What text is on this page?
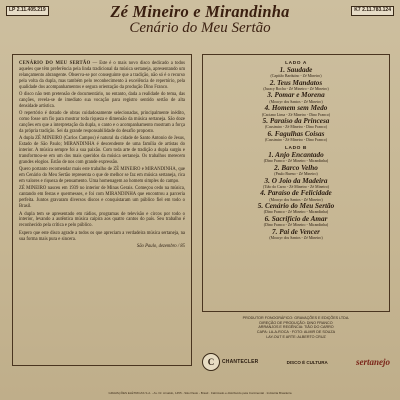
LP 2.11.405.219	K7 2.11.783.124
Zé Mineiro e Mirandinha
Cenário do Meu Sertão

CENÁRIO DO MEU SERTÃO — Este é o mais novo disco dedicado a todos aqueles que têm preferência pela linda tradicional da música sertaneja, apresentando um relançamento abrangente. Observa-se por conseguinte que a tradição, não só é o recurso pela volta da dupla, mas também pelo reconhecimento à excelência de repertório, pela qualidade dos acompanhamentos e segura orientação da produção Dino Franco.

O disco não tem pretensão de documentário, no entanto, dada a realidade do tema, das canções, revela-se de imediato sua vocação para registro sentido sertão de alta densidade artística.

O repertório é dotado de obras cuidadosamente selecionadas, principalmente inédito, como fosse um fio para mostrar toda riqueza e dimensão da música sertaneja. São doze canções em que a interpretação da dupla, o canto e o acompanhamento mostram a força da própria tradição. Sei da grande responsabilidade do desafio proposto.

A dupla ZÉ MINEIRO (Carlos Campos) é natural da cidade de Santo Antonio de Jesus, Estado de São Paulo; MIRANDINHA é descendente de uma família de artistas do interior. A música sempre foi a sua paixão. Com toda arte de tradição a dupla surgiu e transformou-se em um dos mais queridos da música sertaneja. Os trabalhos merecem grandes elogios. Estão de nos com grande expressão.

Quero portanto recomendar mais este trabalho de ZÉ MINEIRO e MIRANDINHA, que em Cenário do Meu Sertão representa o que de melhor se faz em música sertaneja, rica em valores e riqueza de pensamento. Uma homenagem ao homem simples do campo.

ZÉ MINEIRO nasceu em 1939 no interior de Minas Gerais. Começou cedo na música, cantando em festas e quermesses, e foi com MIRANDINHA que encontrou a parceria perfeita. Juntos gravaram diversos discos e conquistaram um público fiel em todo o Brasil.

A dupla tem se apresentado em rádios, programas de televisão e circos por todo o interior, levando a autêntica música caipira aos quatro cantos do país. Seu trabalho é reconhecido pela crítica e pelo público.

Espero que este disco agrade a todos os que apreciam a verdadeira música sertaneja, na sua forma mais pura e sincera.

São Paulo, dezembro / 85

LADO A
1. Saudade
(Capitão Barduíno - Zé Mineiro)
2. Teus Mandatos
(Juracy Rocha - Zé Mineiro - Zé Mineiro)
3. Pomar e Morena
(Moacyr dos Santos - Zé Mineiro)
4. Homem sem Medo
(Caciano Lima - Zé Mineiro - Dino Franco)
5. Paraíso da Princesa
(Cassimiro - Zé Mineiro - Dino Franco)
6. Fagulhas Coisas
(Cassimiro - Zé Mineiro - Dino Franco)
LADO B
1. Anjo Encantado
(Dino Franco - Zé Mineiro - Mirandinha)
2. Barco Velho
(Paulo Bueno - Zé Mineiro)
3. O Joio da Madeira
(Tião do Carro - Zé Mineiro - Zé Mineiro)
4. Paraíso de Felicidade
(Moacyr dos Santos - Zé Mineiro)
5. Cenário do Meu Sertão
(Dino Franco - Zé Mineiro - Mirandinha)
6. Sacrifício de Amar
(Dino Franco - Zé Mineiro - Mirandinha)
7. Pai de Vencer
(Moacyr dos Santos - Zé Mineiro)
PRODUTOR FONOGRÁFICO: GRAVAÇÕES E EDIÇÕES LTDA.
DIREÇÃO DE PRODUÇÃO: DINO FRANCO
ARRANJOS E REGÊNCIA: TIÃO DO CARRO
CAPA: LA-A-ROCA · FOTO: ALMIR DE SOUZA
LAY-OUT E ARTE: ALBERTO CRUZ
C	CHANTECLER	DISCO É CULTURA	sertanejo
GRAVAÇÕES ELÉTRICAS S.A. - Av. Dr. Arnaldo, 1455 - São Paulo - Brasil · Fabricado e distribuído pela Continental · Indústria Brasileira
